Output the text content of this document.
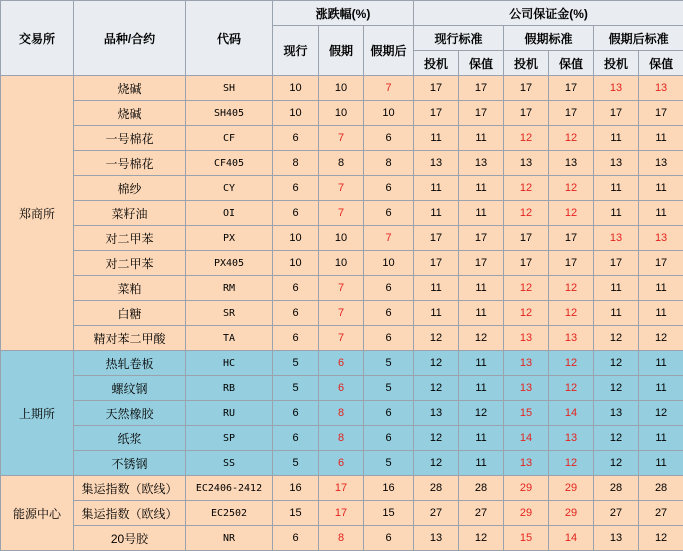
交易所	品种/合约	代码	涨跌幅(%)			公司保证金(%)					
			现行	假期	假期后	现行标准		假期标准		假期后标准	
						投机	保值	投机	保值	投机	保值
郑商所	烧碱	SH	10	10	7	17	17	17	17	13	13
	烧碱	SH405	10	10	10	17	17	17	17	17	17
	一号棉花	CF	6	7	6	11	11	12	12	11	11
	一号棉花	CF405	8	8	8	13	13	13	13	13	13
	棉纱	CY	6	7	6	11	11	12	12	11	11
	菜籽油	OI	6	7	6	11	11	12	12	11	11
	对二甲苯	PX	10	10	7	17	17	17	17	13	13
	对二甲苯	PX405	10	10	10	17	17	17	17	17	17
	菜粕	RM	6	7	6	11	11	12	12	11	11
	白糖	SR	6	7	6	11	11	12	12	11	11
	精对苯二甲酸	TA	6	7	6	12	12	13	13	12	12
上期所	热轧卷板	HC	5	6	5	12	11	13	12	12	11
	螺纹钢	RB	5	6	5	12	11	13	12	12	11
	天然橡胶	RU	6	8	6	13	12	15	14	13	12
	纸浆	SP	6	8	6	12	11	14	13	12	11
	不锈钢	SS	5	6	5	12	11	13	12	12	11
能源中心	集运指数（欧线）	EC2406-2412	16	17	16	28	28	29	29	28	28
	集运指数（欧线）	EC2502	15	17	15	27	27	29	29	27	27
	20号胶	NR	6	8	6	13	12	15	14	13	12
